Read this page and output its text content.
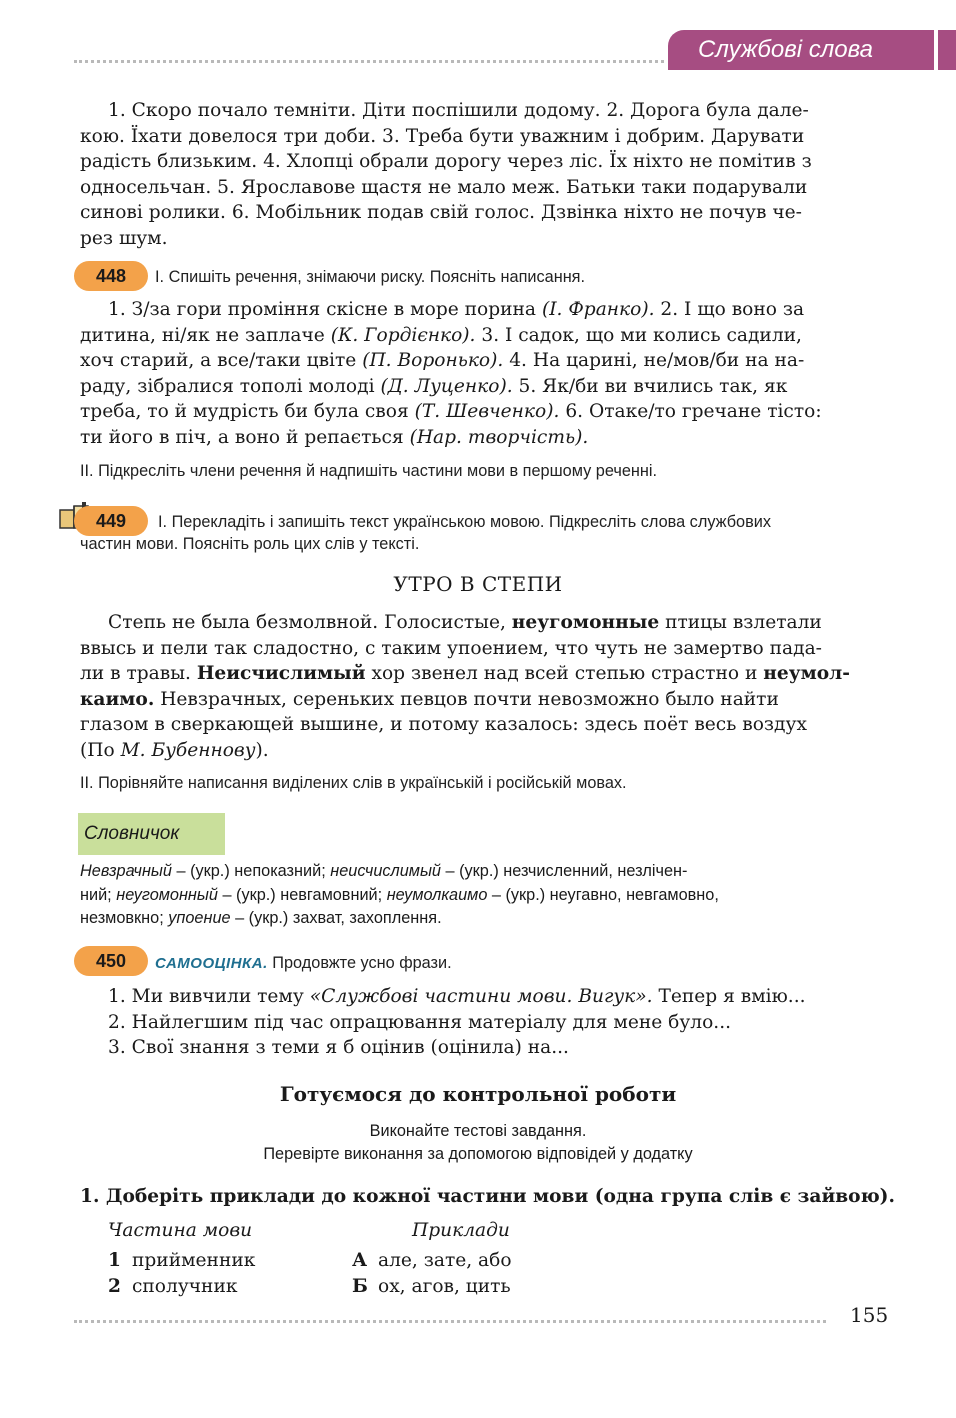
Службові слова
1. Скоро почало темніти. Діти поспішили додому. 2. Дорога була дале-
кою. Їхати довелося три доби. 3. Треба бути уважним і добрим. Дарувати
радість близьким. 4. Хлопці обрали дорогу через ліс. Їх ніхто не помітив з
односельчан. 5. Ярославове щастя не мало меж. Батьки таки подарували
синові ролики. 6. Мобільник подав свій голос. Дзвінка ніхто не почув че-
рез шум.
448	І. Спишіть речення, знімаючи риску. Поясніть написання.
1. З/за гори проміння скісне в море порина (І. Франко). 2. І що воно за
дитина, ні/як не заплаче (К. Гордієнко). 3. І садок, що ми колись садили,
хоч старий, а все/таки цвіте (П. Воронько). 4. На царині, не/мов/би на на-
раду, зібралися тополі молоді (Д. Луценко). 5. Як/би ви вчились так, як
треба, то й мудрість би була своя (Т. Шевченко). 6. Отаке/то гречане тісто:
ти його в піч, а воно й репається (Нар. творчість).
ІІ. Підкресліть члени речення й надпишіть частини мови в першому реченні.
449	І. Перекладіть і запишіть текст українською мовою. Підкресліть слова службових
частин мови. Поясніть роль цих слів у тексті.
УТРО В СТЕПИ
Степь не была безмолвной. Голосистые, неугомонные птицы взлетали
ввысь и пели так сладостно, с таким упоением, что чуть не замертво пада-
ли в травы. Неисчислимый хор звенел над всей степью страстно и неумол-
каимо. Невзрачных, серeньких певцов почти невозможно было найти
глазом в сверкающей вышине, и потому казалось: здесь поёт весь воздух
(По М. Бубеннову).
ІІ. Порівняйте написання виділених слів в українській і російській мовах.
Словничок
Невзрачный – (укр.) непоказний; неисчислимый – (укр.) незчисленний, незлічен-
ний; неугомонный – (укр.) невгамовний; неумолкаимо – (укр.) неугавно, невгамовно,
незмовкно; упоение – (укр.) захват, захоплення.
450	САМООЦІНКА. Продовжте усно фрази.
1. Ми вивчили тему «Службові частини мови. Вигук». Тепер я вмію...
2. Найлегшим під час опрацювання матеріалу для мене було...
3. Свої знання з теми я б оцінив (оцінила) на...
Готуємося до контрольної роботи
Виконайте тестові завдання.
Перевірте виконання за допомогою відповідей у додатку
1. Доберіть приклади до кожної частини мови (одна група слів є зайвою).
Частина мови	Приклади
1 прийменник	А але, зате, або
2 сполучник	Б ох, агов, цить
155
